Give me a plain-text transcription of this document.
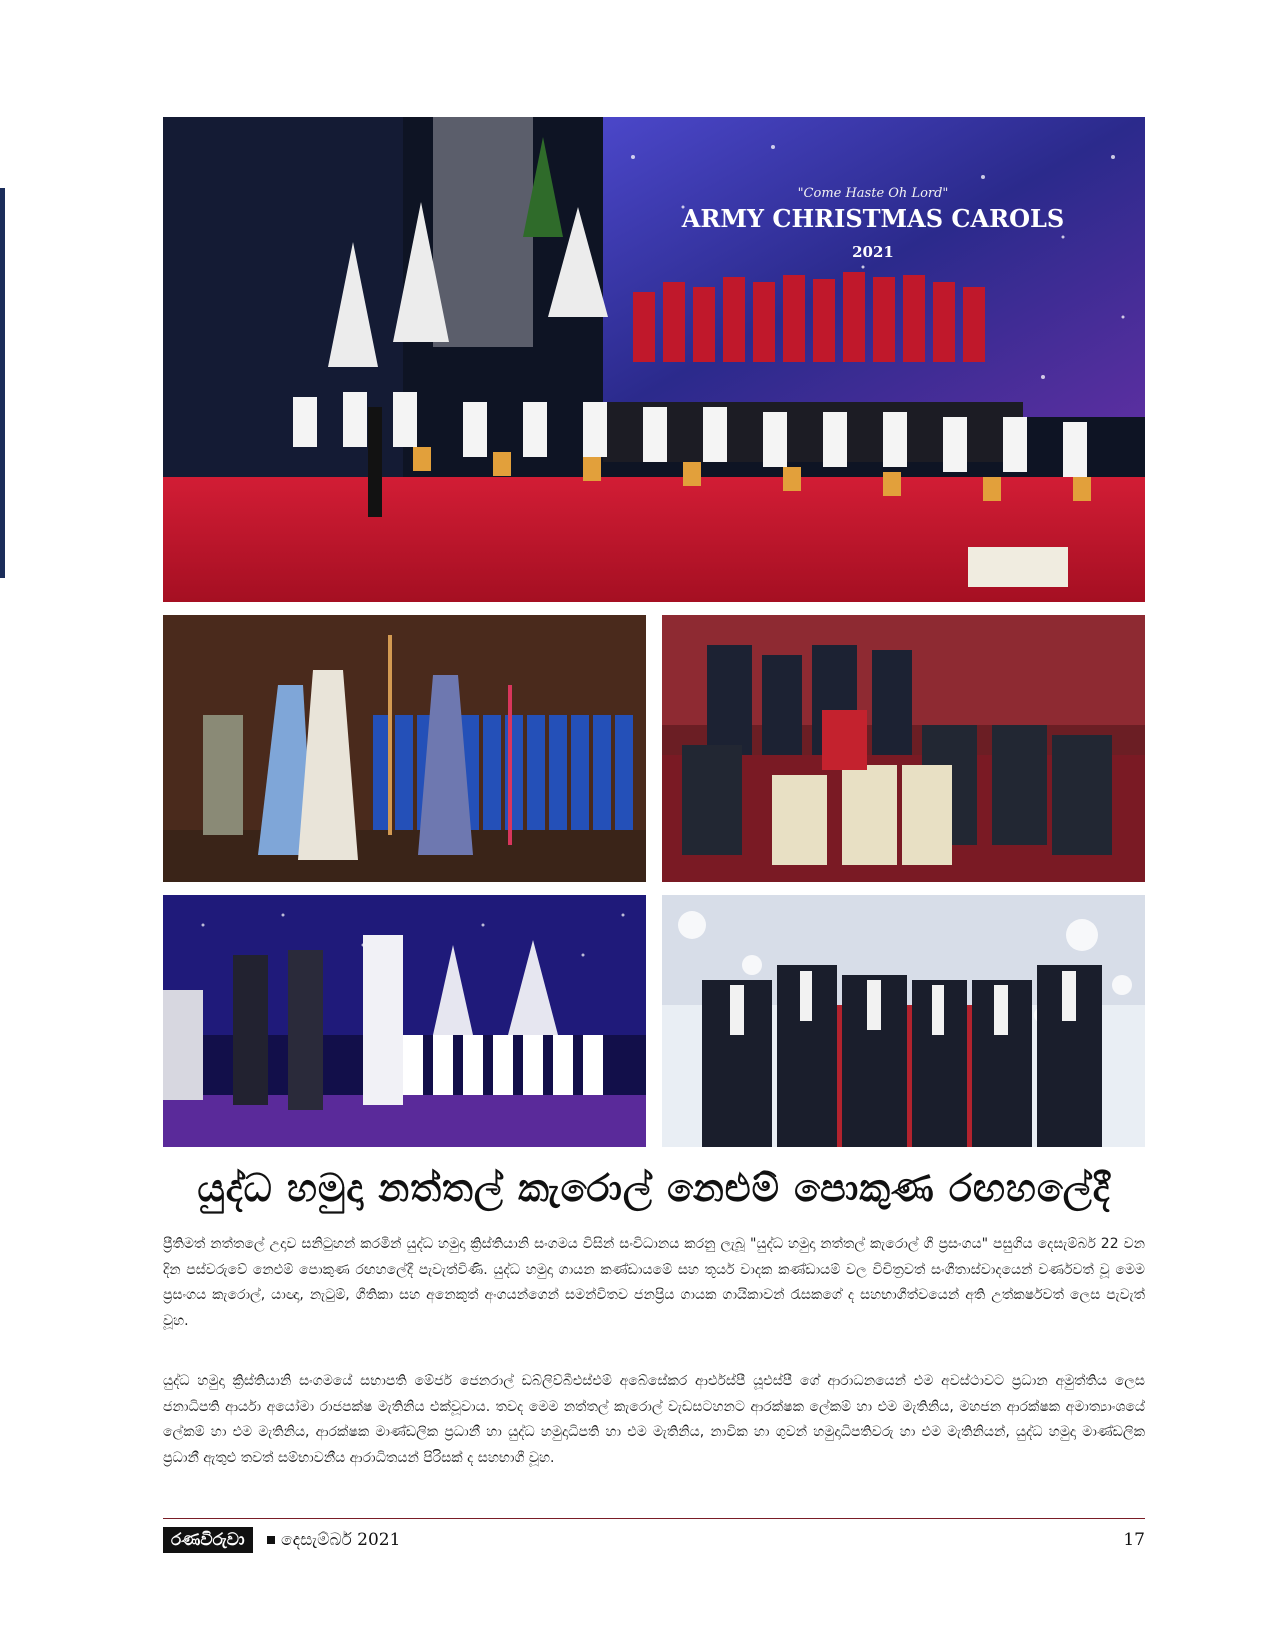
"Come Haste Oh Lord"
ARMY CHRISTMAS CAROLS
2021
යුද්ධ හමුදා නත්තල් කැරොල් නෙළුම් පොකුණ රඟහලේදී

ප්‍රීතිමත් නත්තලේ උදාව සනිටුහන් කරමින් යුද්ධ හමුදා ක්‍රිස්තියානි සංගමය විසින් සංවිධානය කරනු ලැබූ "යුද්ධ හමුදා නත්තල් කැරොල් ගී ප්‍රසංගය" පසුගිය දෙසැම්බර් 22 වන දින පස්වරුවේ නෙළුම් පොකුණ රඟහලේදී පැවැත්විණි. යුද්ධ හමුදා ගායන කණ්ඩායමේ සහ තූර්ය වාදක කණ්ඩායම් වල විචිත්‍රවත් සංගීතාස්වාදයෙන් වර්ණවත් වූ මෙම ප්‍රසංගය කැරොල්, යාඥා, නැටුම්, ගීතිකා සහ අනෙකුත් අංගයන්ගෙන් සමන්විතව ජනප්‍රිය ගායක ගායිකාවන් රැසකගේ ද සහභාගීත්වයෙන් අති උත්කර්ෂවත් ලෙස පැවැත් වූහ.

යුද්ධ හමුදා ක්‍රිස්තියානි සංගමයේ සභාපති මේජර් ජෙනරාල් ඩබ්ලිව්බීඑස්එම් අබේසේකර ආර්එස්පී යූඑස්පී ගේ ආරාධනයෙන් එම අවස්ථාවට ප්‍රධාන අමුත්තිය ලෙස ජනාධිපති ආර්යා අයෝමා රාජපක්ෂ මැතිනිය එක්වූවාය. තවද මෙම නත්තල් කැරොල් වැඩසටහනට ආරක්ෂක ලේකම් හා එම මැතිනිය, මහජන ආරක්ෂක අමාත්‍යාංශයේ ලේකම් හා එම මැතිනිය, ආරක්ෂක මාණ්ඩලික ප්‍රධානී හා යුද්ධ හමුදාධිපති හා එම මැතිනිය, නාවික හා ගුවන් හමුදාධිපතිවරු හා එම මැතිනියන්, යුද්ධ හමුදා මාණ්ඩලික ප්‍රධානී ඇතුළු තවත් සම්භාවනීය ආරාධිතයන් පිරිසක් ද සහභාගී වූහ.

රණවිරුවා	දෙසැම්බර් 2021	17
